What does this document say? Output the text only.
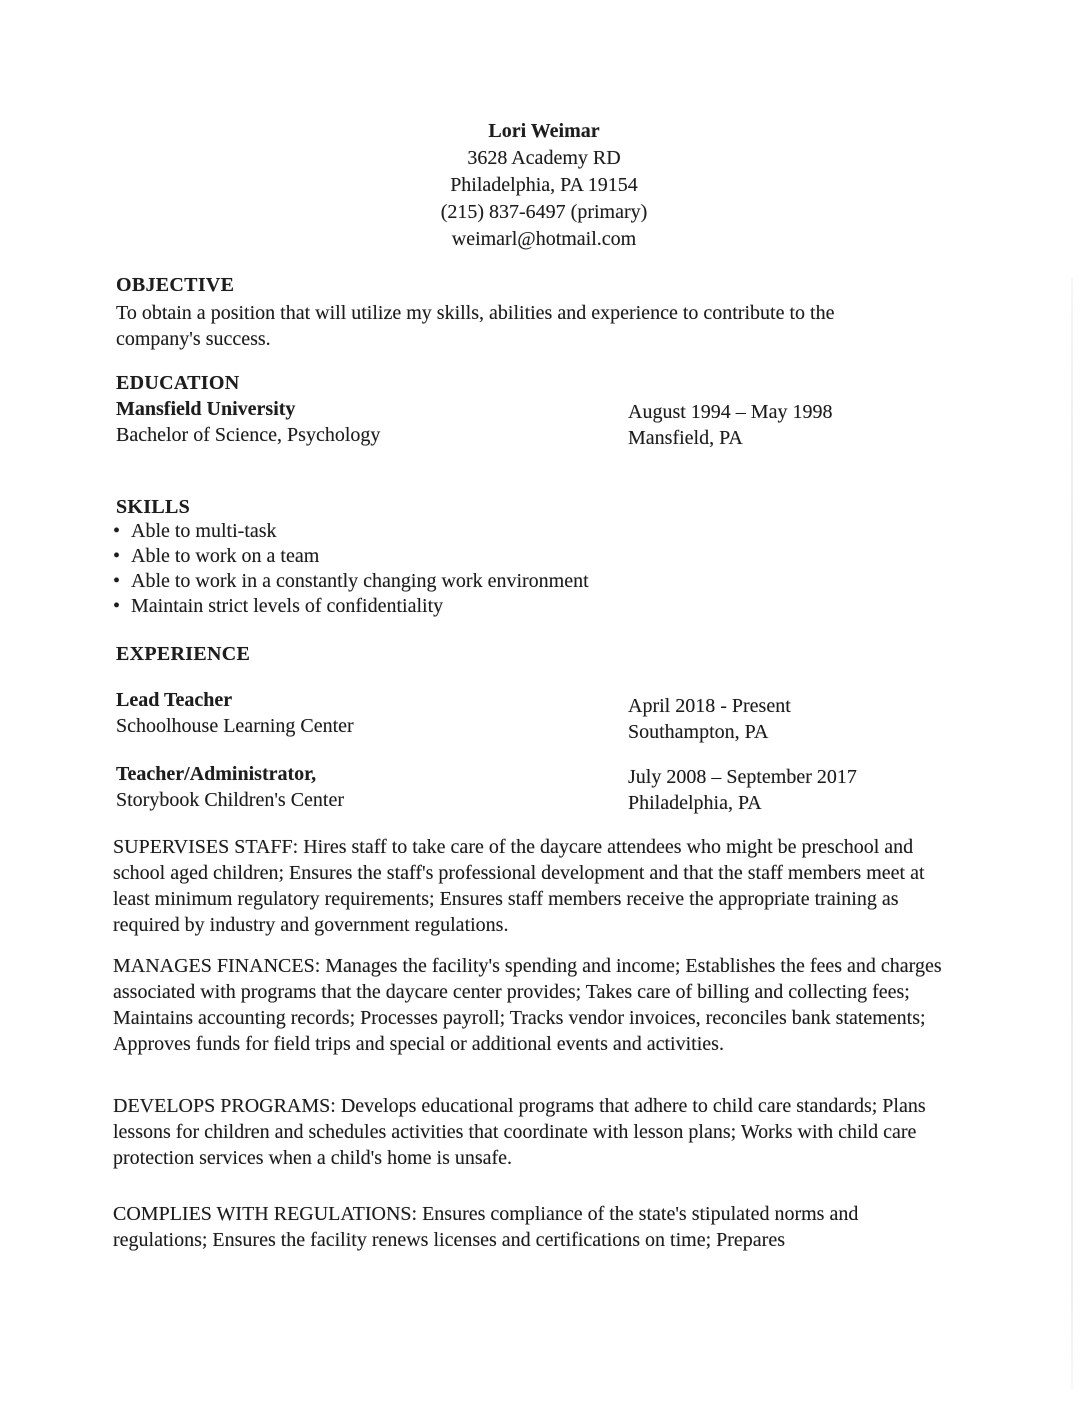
Lori Weimar
3628 Academy RD
Philadelphia, PA 19154
(215) 837-6497 (primary)
weimarl@hotmail.com
OBJECTIVE
To obtain a position that will utilize my skills, abilities and experience to contribute to the company's success.
EDUCATION
Mansfield University
Bachelor of Science, Psychology
August 1994 – May 1998
Mansfield, PA
SKILLS
• Able to multi-task
• Able to work on a team
• Able to work in a constantly changing work environment
• Maintain strict levels of confidentiality
EXPERIENCE
Lead Teacher
Schoolhouse Learning Center
April 2018 - Present
Southampton, PA
Teacher/Administrator,
Storybook Children's Center
July 2008 – September 2017
Philadelphia, PA
SUPERVISES STAFF: Hires staff to take care of the daycare attendees who might be preschool and school aged children; Ensures the staff's professional development and that the staff members meet at least minimum regulatory requirements; Ensures staff members receive the appropriate training as required by industry and government regulations.
MANAGES FINANCES: Manages the facility's spending and income; Establishes the fees and charges associated with programs that the daycare center provides; Takes care of billing and collecting fees; Maintains accounting records; Processes payroll; Tracks vendor invoices, reconciles bank statements; Approves funds for field trips and special or additional events and activities.
DEVELOPS PROGRAMS: Develops educational programs that adhere to child care standards; Plans lessons for children and schedules activities that coordinate with lesson plans; Works with child care protection services when a child's home is unsafe.
COMPLIES WITH REGULATIONS: Ensures compliance of the state's stipulated norms and regulations; Ensures the facility renews licenses and certifications on time; Prepares
